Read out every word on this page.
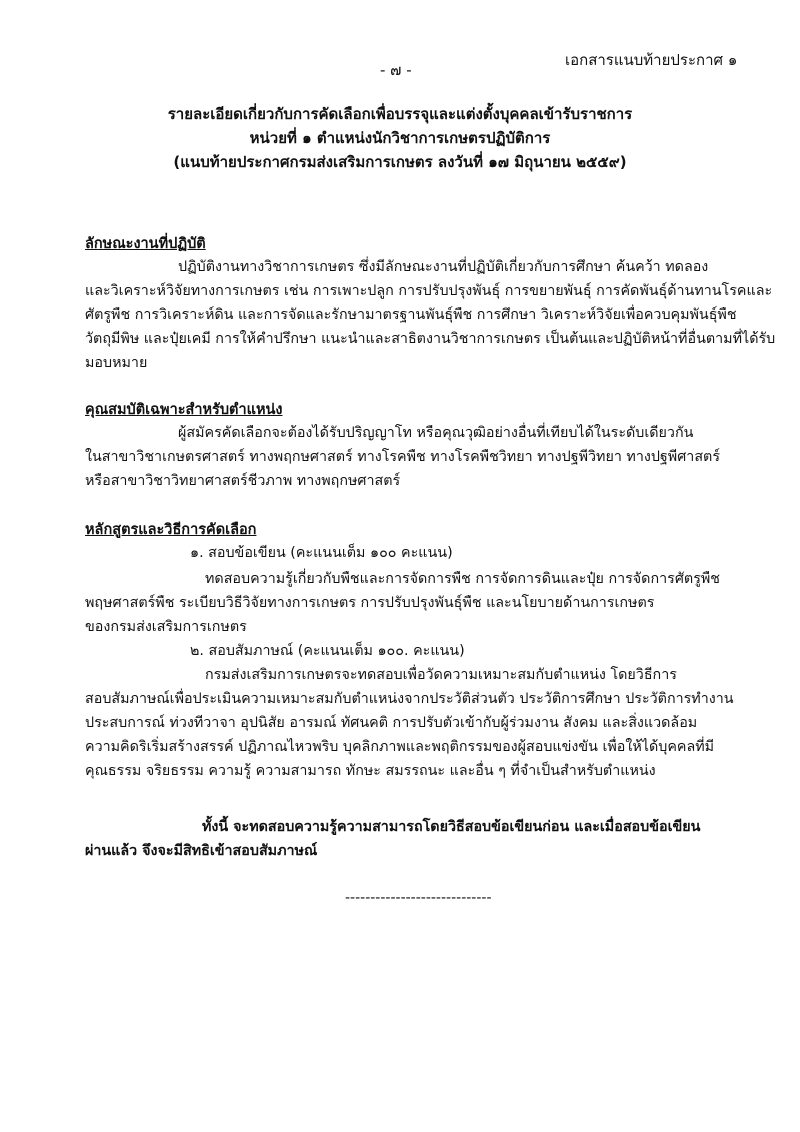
เอกสารแนบท้ายประกาศ ๑
- ๗ -
รายละเอียดเกี่ยวกับการคัดเลือกเพื่อบรรจุและแต่งตั้งบุคคลเข้ารับราชการ
หน่วยที่ ๑ ตำแหน่งนักวิชาการเกษตรปฏิบัติการ
(แนบท้ายประกาศกรมส่งเสริมการเกษตร ลงวันที่ ๑๗ มิถุนายน ๒๕๕๙)
ลักษณะงานที่ปฏิบัติ
ปฏิบัติงานทางวิชาการเกษตร ซึ่งมีลักษณะงานที่ปฏิบัติเกี่ยวกับการศึกษา ค้นคว้า ทดลอง
และวิเคราะห์วิจัยทางการเกษตร เช่น การเพาะปลูก การปรับปรุงพันธุ์ การขยายพันธุ์ การคัดพันธุ์ด้านทานโรคและ
ศัตรูพืช การวิเคราะห์ดิน และการจัดและรักษามาตรฐานพันธุ์พืช การศึกษา วิเคราะห์วิจัยเพื่อควบคุมพันธุ์พืช
วัตถุมีพิษ และปุ๋ยเคมี การให้คำปรึกษา แนะนำและสาธิตงานวิชาการเกษตร เป็นต้นและปฏิบัติหน้าที่อื่นตามที่ได้รับ
มอบหมาย
คุณสมบัติเฉพาะสำหรับตำแหน่ง
ผู้สมัครคัดเลือกจะต้องได้รับปริญญาโท หรือคุณวุฒิอย่างอื่นที่เทียบได้ในระดับเดียวกัน
ในสาขาวิชาเกษตรศาสตร์ ทางพฤกษศาสตร์ ทางโรคพืช ทางโรคพืชวิทยา ทางปฐพีวิทยา ทางปฐพีศาสตร์
หรือสาขาวิชาวิทยาศาสตร์ชีวภาพ ทางพฤกษศาสตร์
หลักสูตรและวิธีการคัดเลือก
๑. สอบข้อเขียน (คะแนนเต็ม ๑๐๐ คะแนน)
ทดสอบความรู้เกี่ยวกับพืชและการจัดการพืช การจัดการดินและปุ๋ย การจัดการศัตรูพืช
พฤษศาสตร์พืช ระเบียบวิธีวิจัยทางการเกษตร การปรับปรุงพันธุ์พืช และนโยบายด้านการเกษตร
ของกรมส่งเสริมการเกษตร
๒. สอบสัมภาษณ์ (คะแนนเต็ม ๑๐๐. คะแนน)
กรมส่งเสริมการเกษตรจะทดสอบเพื่อวัดความเหมาะสมกับตำแหน่ง โดยวิธีการ
สอบสัมภาษณ์เพื่อประเมินความเหมาะสมกับตำแหน่งจากประวัติส่วนตัว ประวัติการศึกษา ประวัติการทำงาน
ประสบการณ์ ท่วงทีวาจา อุปนิสัย อารมณ์ ทัศนคติ การปรับตัวเข้ากับผู้ร่วมงาน สังคม และสิ่งแวดล้อม
ความคิดริเริ่มสร้างสรรค์ ปฏิภาณไหวพริบ บุคลิกภาพและพฤติกรรมของผู้สอบแข่งขัน เพื่อให้ได้บุคคลที่มี
คุณธรรม จริยธรรม ความรู้ ความสามารถ ทักษะ สมรรถนะ และอื่น ๆ ที่จำเป็นสำหรับตำแหน่ง
ทั้งนี้ จะทดสอบความรู้ความสามารถโดยวิธีสอบข้อเขียนก่อน และเมื่อสอบข้อเขียน
ผ่านแล้ว จึงจะมีสิทธิเข้าสอบสัมภาษณ์
-----------------------------
